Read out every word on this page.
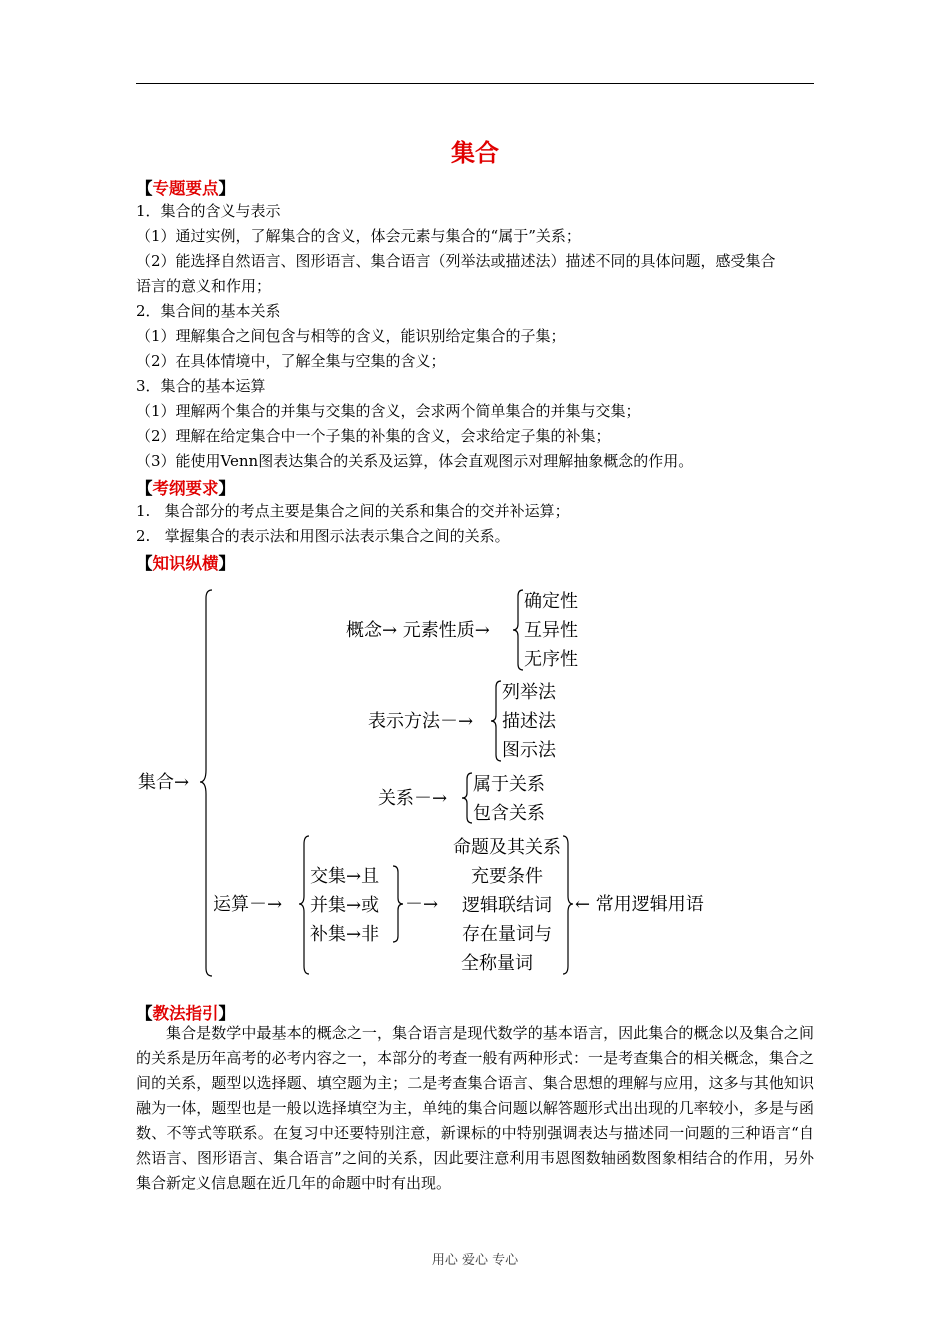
集合
【专题要点】
1．集合的含义与表示
（1）通过实例，了解集合的含义，体会元素与集合的“属于”关系；
（2）能选择自然语言、图形语言、集合语言（列举法或描述法）描述不同的具体问题，感受集合
语言的意义和作用；
2．集合间的基本关系
（1）理解集合之间包含与相等的含义，能识别给定集合的子集；
（2）在具体情境中，了解全集与空集的含义；
3．集合的基本运算
（1）理解两个集合的并集与交集的含义，会求两个简单集合的并集与交集；
（2）理解在给定集合中一个子集的补集的含义，会求给定子集的补集；
（3）能使用Venn图表达集合的关系及运算，体会直观图示对理解抽象概念的作用。
【考纲要求】
1.   集合部分的考点主要是集合之间的关系和集合的交并补运算；
2.   掌握集合的表示法和用图示法表示集合之间的关系。
【知识纵横】
集合→
概念→ 元素性质→
确定性
互异性
无序性
表示方法－→
列举法
描述法
图示法
关系－→
属于关系
包含关系
运算－→
交集→且
并集→或
补集→非
－→
命题及其关系
充要条件
逻辑联结词
存在量词与
全称量词
← 常用逻辑用语
【教法指引】
集合是数学中最基本的概念之一，集合语言是现代数学的基本语言，因此集合的概念以及集合之间的关系是历年高考的必考内容之一，本部分的考查一般有两种形式：一是考查集合的相关概念，集合之间的关系，题型以选择题、填空题为主；二是考查集合语言、集合思想的理解与应用，这多与其他知识融为一体，题型也是一般以选择填空为主，单纯的集合问题以解答题形式出出现的几率较小，多是与函数、不等式等联系。在复习中还要特别注意，新课标的中特别强调表达与描述同一问题的三种语言“自然语言、图形语言、集合语言”之间的关系，因此要注意利用韦恩图数轴函数图象相结合的作用，另外集合新定义信息题在近几年的命题中时有出现。
用心 爱心 专心
